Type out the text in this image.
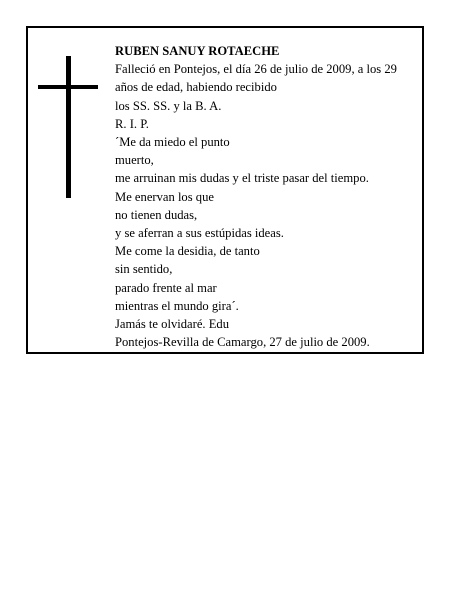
RUBEN SANUY ROTAECHE
Falleció en Pontejos, el día 26 de julio de 2009, a los 29
años de edad, habiendo recibido
los SS. SS. y la B. A.
R. I. P.
´Me da miedo el punto
muerto,
me arruinan mis dudas y el triste pasar del tiempo.
Me enervan los que
no tienen dudas,
y se aferran a sus estúpidas ideas.
Me come la desidia, de tanto
sin sentido,
parado frente al mar
mientras el mundo gira´.
Jamás te olvidaré. Edu
Pontejos-Revilla de Camargo, 27 de julio de 2009.
